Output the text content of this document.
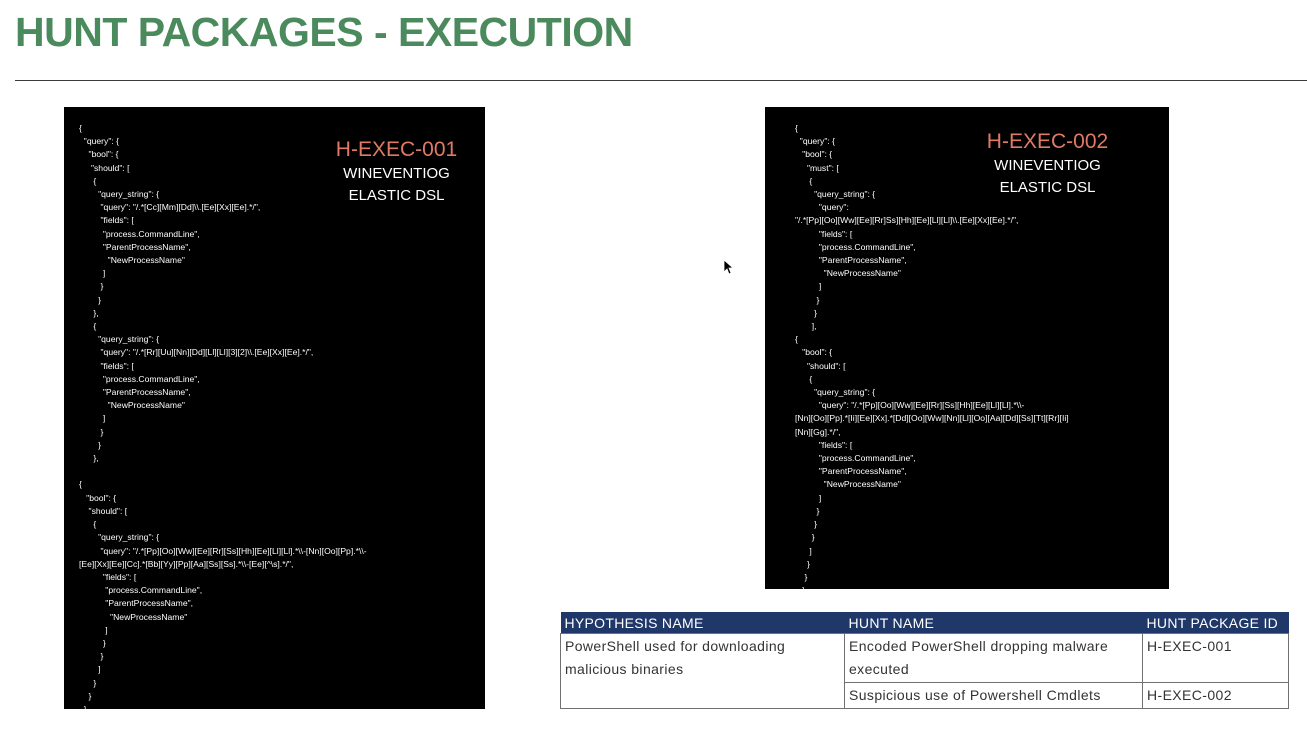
HUNT PACKAGES - EXECUTION
{
"query": {
"bool": {
"should": [
{
"query_string": {
"query": "/.*[Cc][Mm][Dd]\\.[Ee][Xx][Ee].*/",
"fields": [
"process.CommandLine",
"ParentProcessName",
"NewProcessName"
]
}
}
},
{
"query_string": {
"query": "/.*[Rr][Uu][Nn][Dd][Ll][Ll][3][2]\\.[Ee][Xx][Ee].*/",
"fields": [
"process.CommandLine",
"ParentProcessName",
"NewProcessName"
]
}
}
},

{
"bool": {
"should": [
{
"query_string": {
"query": "/.*[Pp][Oo][Ww][Ee][Rr][Ss][Hh][Ee][Ll][Ll].*\\-[Nn][Oo][Pp].*\\-
[Ee][Xx][Ee][Cc].*[Bb][Yy][Pp][Aa][Ss][Ss].*\\-[Ee][^\s].*/",
"fields": [
"process.CommandLine",
"ParentProcessName",
"NewProcessName"
]
}
}
]
}
}
}
}
H-EXEC-001
WINEVENTIOG
ELASTIC DSL
{
"query": {
"bool": {
"must": [
{
"query_string": {
"query":
"/.*[Pp][Oo][Ww][Ee][Rr]Ss][Hh][Ee][Ll][Ll]\\.[Ee][Xx][Ee].*/",
"fields": [
"process.CommandLine",
"ParentProcessName",
"NewProcessName"
]
}
}
],
{
"bool": {
"should": [
{
"query_string": {
"query": "/.*[Pp][Oo][Ww][Ee][Rr][Ss][Hh][Ee][Ll][Ll].*\\-
[Nn][Oo][Pp].*[Ii][Ee][Xx].*[Dd][Oo][Ww][Nn][Ll][Oo][Aa][Dd][Ss][Tt][Rr][Ii]
[Nn][Gg].*/",
"fields": [
"process.CommandLine",
"ParentProcessName",
"NewProcessName"
]
}
}
}
]
}
}
}
}
H-EXEC-002
WINEVENTIOG
ELASTIC DSL
HYPOTHESIS NAME	HUNT NAME	HUNT PACKAGE ID
PowerShell used for downloading malicious binaries	Encoded PowerShell dropping malware executed	H-EXEC-001
	Suspicious use of Powershell Cmdlets	H-EXEC-002
